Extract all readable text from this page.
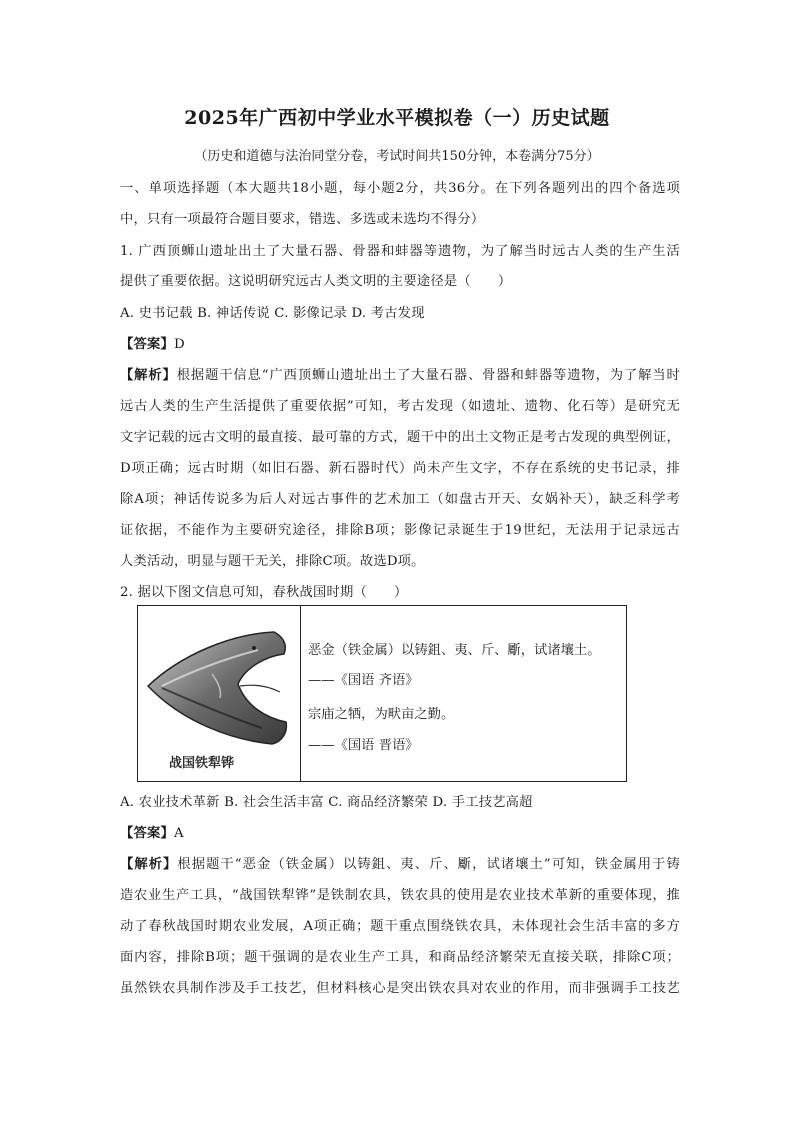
2025年广西初中学业水平模拟卷（一）历史试题
（历史和道德与法治同堂分卷，考试时间共150分钟，本卷满分75分）
一、单项选择题（本大题共18小题，每小题2分，共36分。在下列各题列出的四个备选项
中，只有一项最符合题目要求，错选、多选或未选均不得分）
1. 广西顶蛳山遗址出土了大量石器、骨器和蚌器等遗物，为了解当时远古人类的生产生活
提供了重要依据。这说明研究远古人类文明的主要途径是（　　）
A. 史书记载 B. 神话传说 C. 影像记录 D. 考古发现
【答案】D
【解析】根据题干信息“广西顶蛳山遗址出土了大量石器、骨器和蚌器等遗物，为了解当时
远古人类的生产生活提供了重要依据”可知，考古发现（如遗址、遗物、化石等）是研究无
文字记载的远古文明的最直接、最可靠的方式，题干中的出土文物正是考古发现的典型例证，
D项正确；远古时期（如旧石器、新石器时代）尚未产生文字，不存在系统的史书记录，排
除A项；神话传说多为后人对远古事件的艺术加工（如盘古开天、女娲补天），缺乏科学考
证依据，不能作为主要研究途径，排除B项；影像记录诞生于19世纪，无法用于记录远古
人类活动，明显与题干无关，排除C项。故选D项。
2. 据以下图文信息可知，春秋战国时期（　　）
战国铁犁铧
恶金（铁金属）以铸鉏、夷、斤、斸，试诸壤土。
——《国语 齐语》
宗庙之牺，为畎亩之勤。
——《国语 晋语》
A. 农业技术革新 B. 社会生活丰富 C. 商品经济繁荣 D. 手工技艺高超
【答案】A
【解析】根据题干“恶金（铁金属）以铸鉏、夷、斤、斸，试诸壤土”可知，铁金属用于铸
造农业生产工具，“战国铁犁铧”是铁制农具，铁农具的使用是农业技术革新的重要体现，推
动了春秋战国时期农业发展，A项正确；题干重点围绕铁农具，未体现社会生活丰富的多方
面内容，排除B项；题干强调的是农业生产工具，和商品经济繁荣无直接关联，排除C项；
虽然铁农具制作涉及手工技艺，但材料核心是突出铁农具对农业的作用，而非强调手工技艺
